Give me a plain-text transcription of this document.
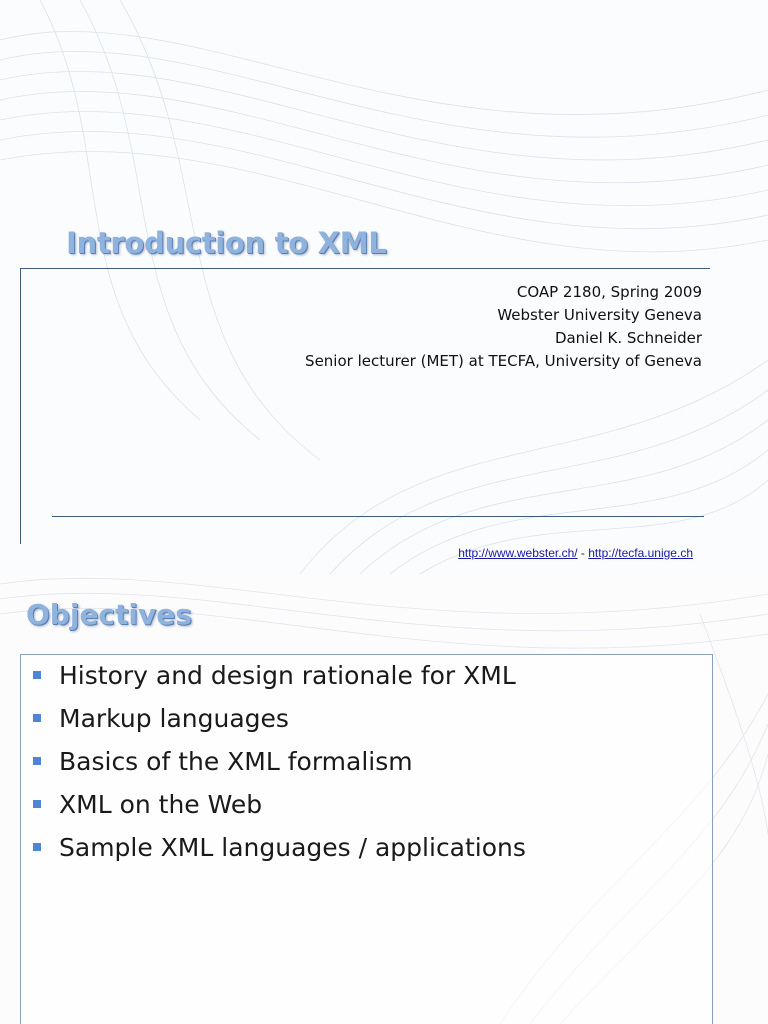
Introduction to XML
COAP 2180, Spring 2009
Webster University Geneva
Daniel K. Schneider
Senior lecturer (MET) at TECFA, University of Geneva
http://www.webster.ch/ - http://tecfa.unige.ch
Objectives
History and design rationale for XML
Markup languages
Basics of the XML formalism
XML on the Web
Sample XML languages / applications
